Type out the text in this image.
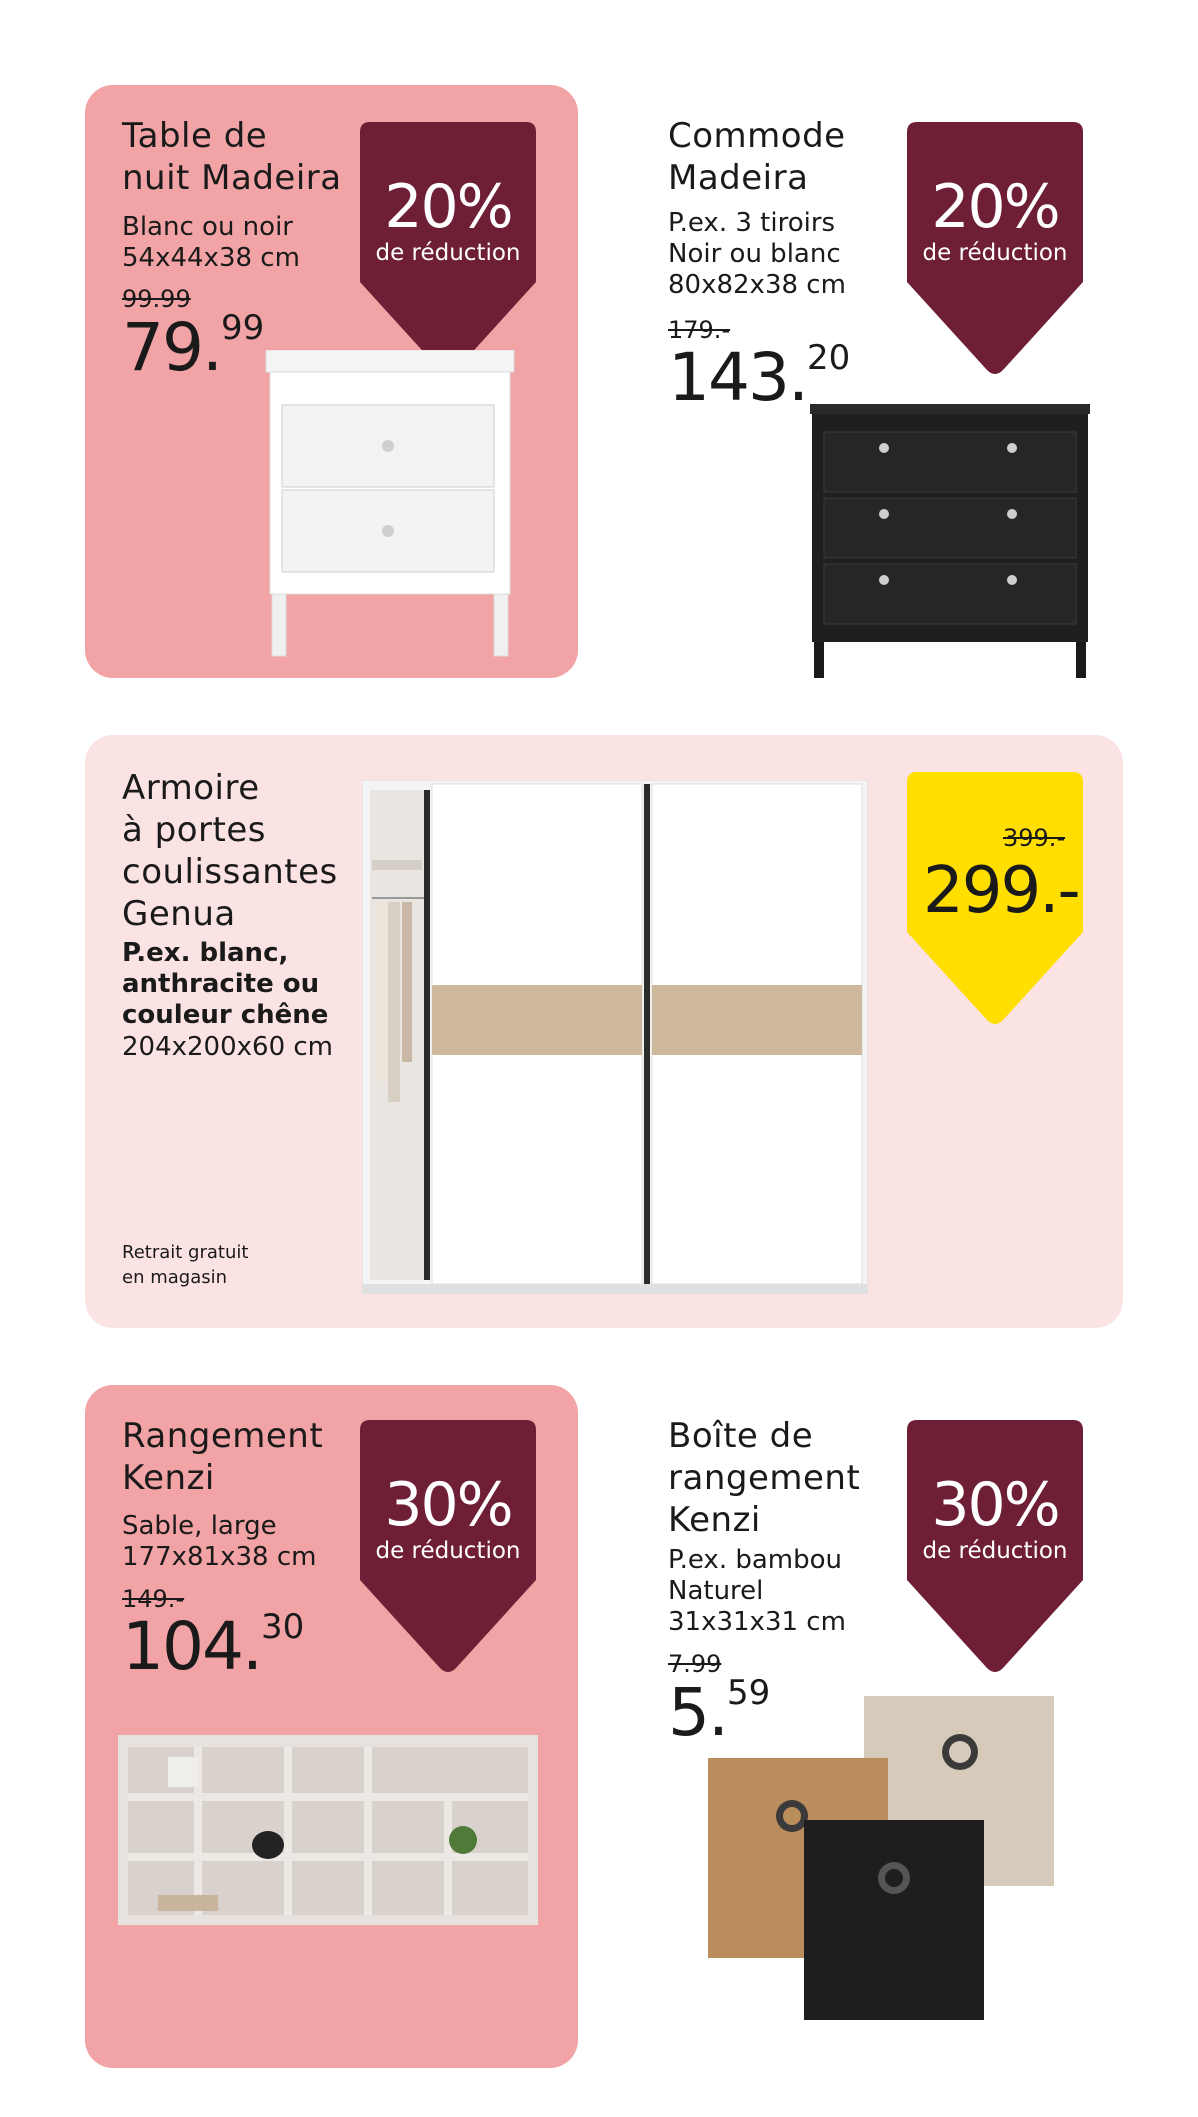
Table de
nuit Madeira
Blanc ou noir
54x44x38 cm
99.99
79.99
20%
de réduction
Commode
Madeira
P.ex. 3 tiroirs
Noir ou blanc
80x82x38 cm
179.-
143.20
20%
de réduction
Armoire
à portes
coulissantes
Genua
P.ex. blanc,
anthracite ou
couleur chêne
204x200x60 cm
Retrait gratuit
en magasin
399.-
299.-
Rangement
Kenzi
Sable, large
177x81x38 cm
149.-
104.30
30%
de réduction
Boîte de
rangement
Kenzi
P.ex. bambou
Naturel
31x31x31 cm
7.99
5.59
30%
de réduction
